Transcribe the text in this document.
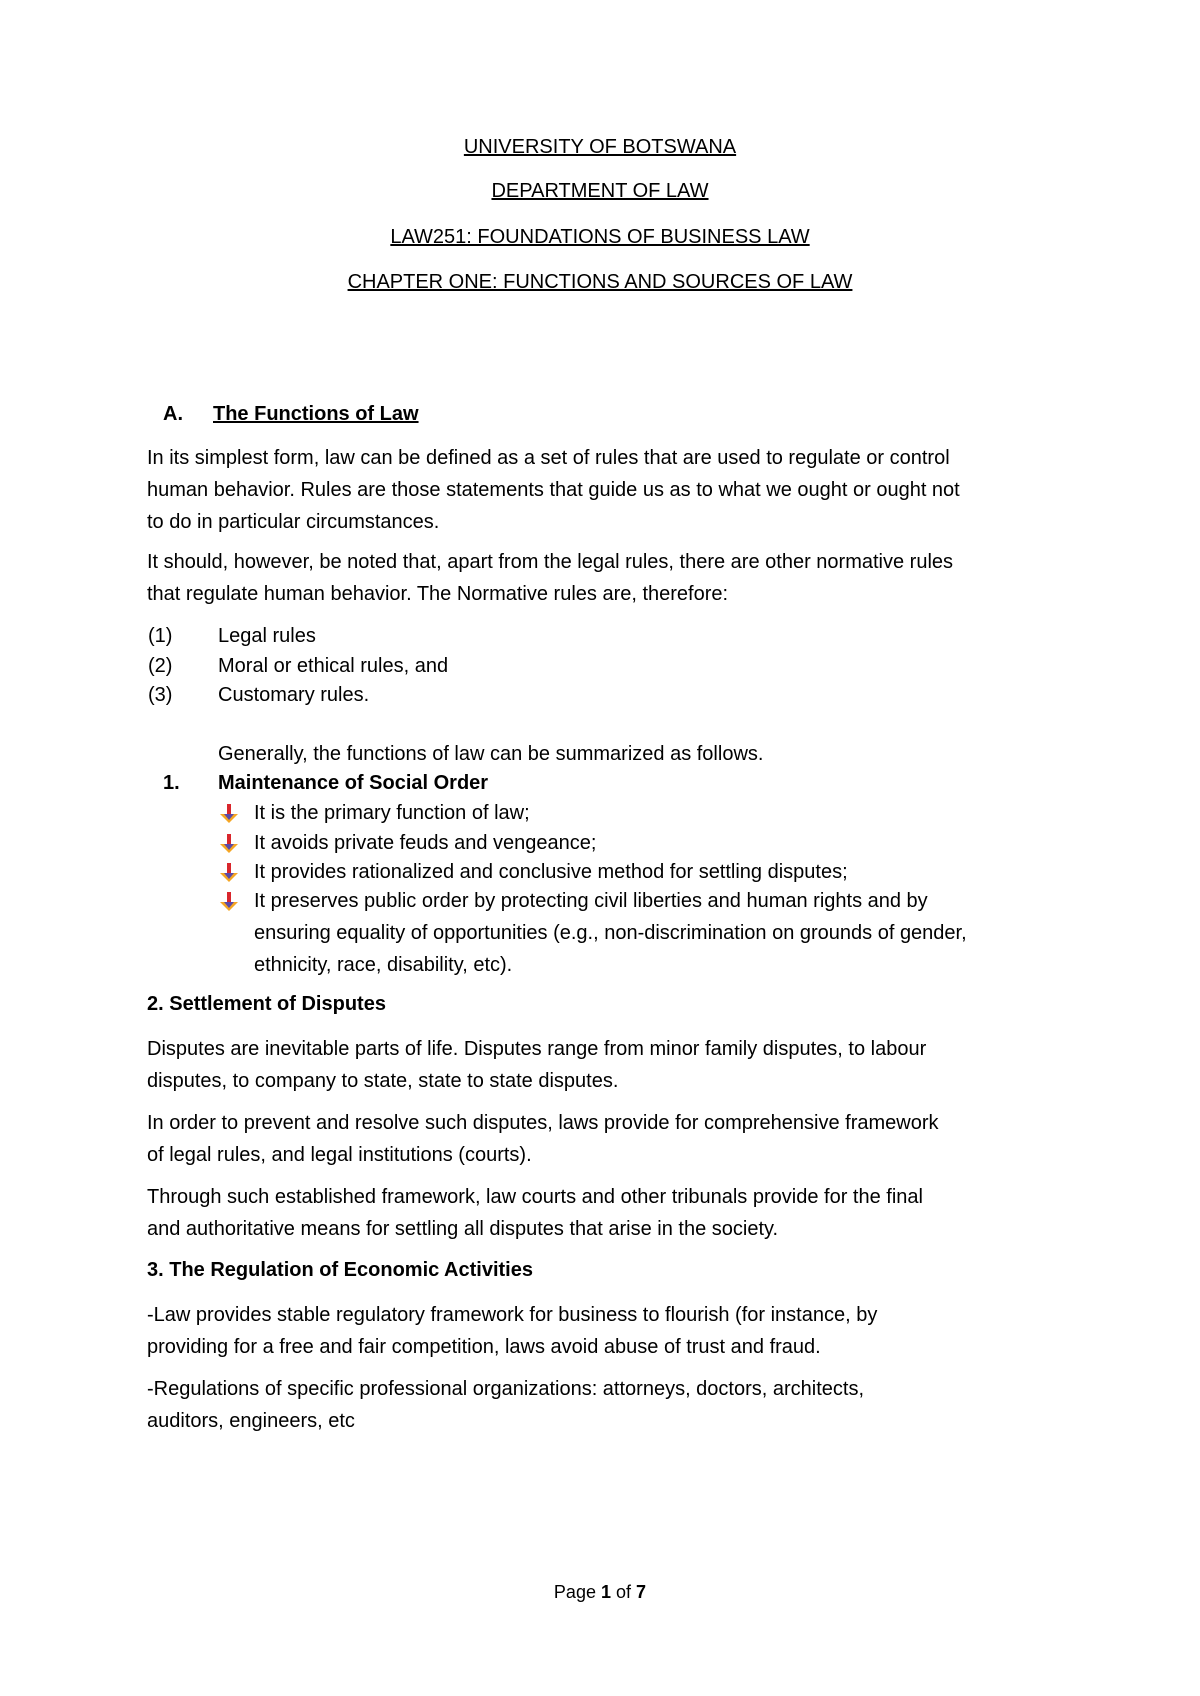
UNIVERSITY OF BOTSWANA
DEPARTMENT OF LAW
LAW251: FOUNDATIONS OF BUSINESS LAW
CHAPTER ONE: FUNCTIONS AND SOURCES OF LAW
A. The Functions of Law
In its simplest form, law can be defined as a set of rules that are used to regulate or control
human behavior. Rules are those statements that guide us as to what we ought or ought not
to do in particular circumstances.
It should, however, be noted that, apart from the legal rules, there are other normative rules
that regulate human behavior. The Normative rules are, therefore:
(1) Legal rules
(2) Moral or ethical rules, and
(3) Customary rules.
Generally, the functions of law can be summarized as follows.
1. Maintenance of Social Order
It is the primary function of law;
It avoids private feuds and vengeance;
It provides rationalized and conclusive method for settling disputes;
It preserves public order by protecting civil liberties and human rights and by
ensuring equality of opportunities (e.g., non-discrimination on grounds of gender,
ethnicity, race, disability, etc).
2. Settlement of Disputes
Disputes are inevitable parts of life. Disputes range from minor family disputes, to labour
disputes, to company to state, state to state disputes.
In order to prevent and resolve such disputes, laws provide for comprehensive framework
of legal rules, and legal institutions (courts).
Through such established framework, law courts and other tribunals provide for the final
and authoritative means for settling all disputes that arise in the society.
3. The Regulation of Economic Activities
-Law provides stable regulatory framework for business to flourish (for instance, by
providing for a free and fair competition, laws avoid abuse of trust and fraud.
-Regulations of specific professional organizations: attorneys, doctors, architects,
auditors, engineers, etc
Page 1 of 7
